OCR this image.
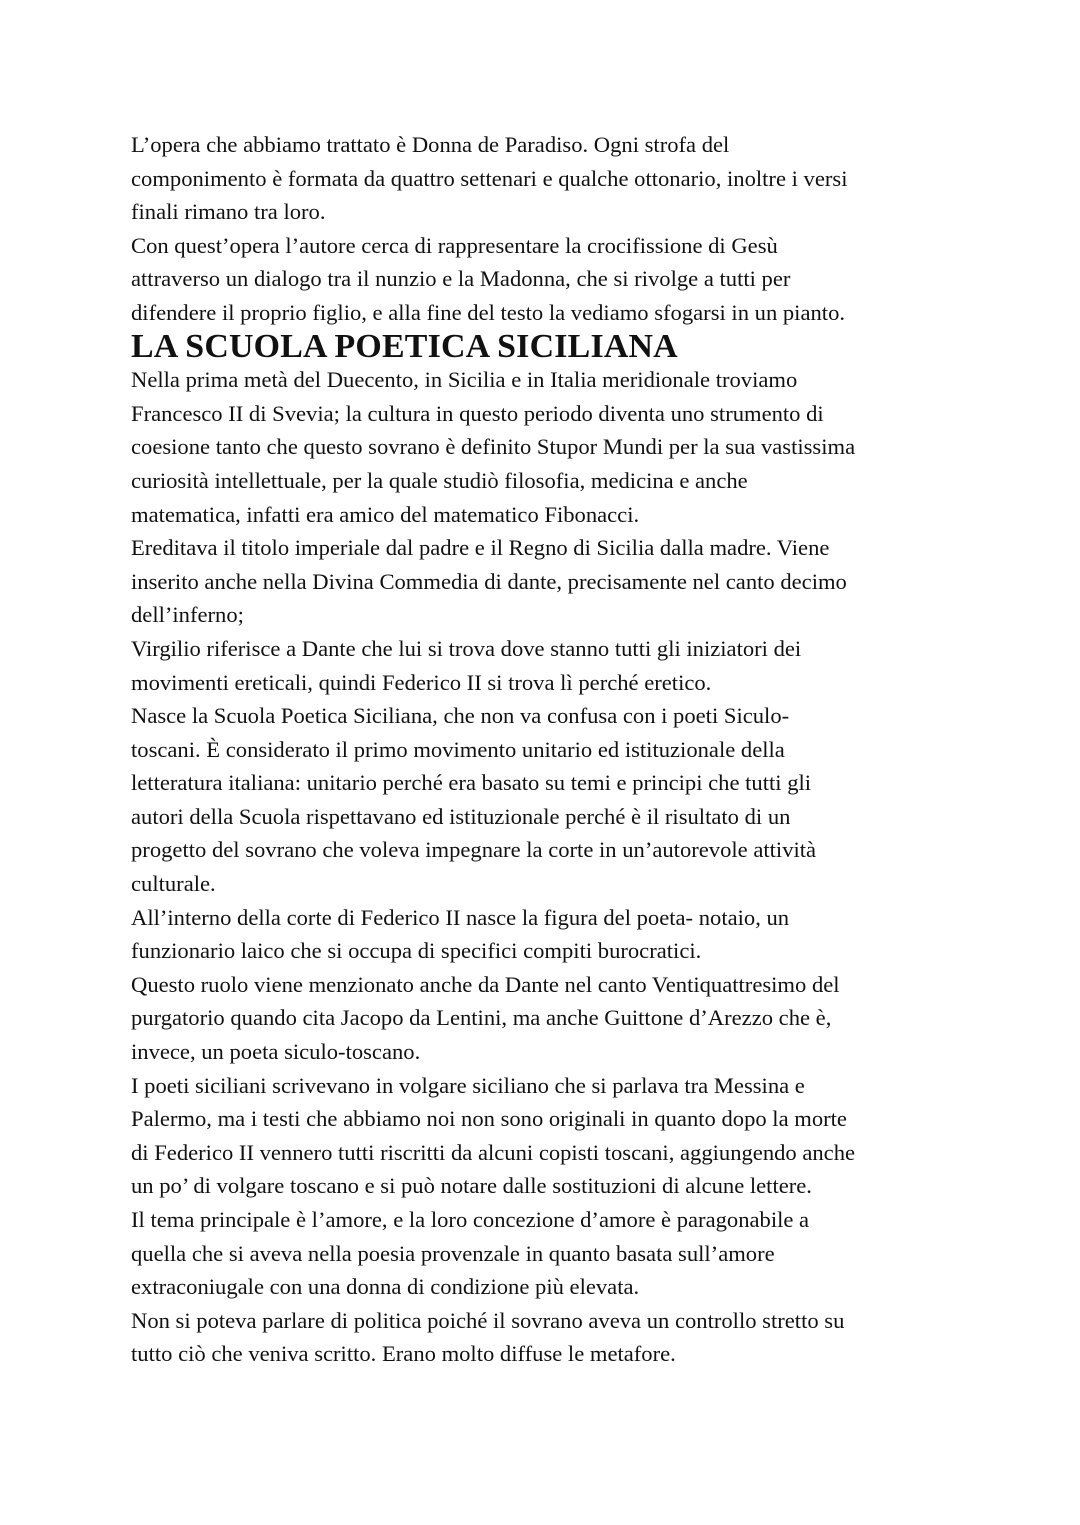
L’opera che abbiamo trattato è Donna de Paradiso. Ogni strofa del
componimento è formata da quattro settenari e qualche ottonario, inoltre i versi
finali rimano tra loro.

Con quest’opera l’autore cerca di rappresentare la crocifissione di Gesù
attraverso un dialogo tra il nunzio e la Madonna, che si rivolge a tutti per
difendere il proprio figlio, e alla fine del testo la vediamo sfogarsi in un pianto.

LA SCUOLA POETICA SICILIANA

Nella prima metà del Duecento, in Sicilia e in Italia meridionale troviamo
Francesco II di Svevia; la cultura in questo periodo diventa uno strumento di
coesione tanto che questo sovrano è definito Stupor Mundi per la sua vastissima
curiosità intellettuale, per la quale studiò filosofia, medicina e anche
matematica, infatti era amico del matematico Fibonacci.

Ereditava il titolo imperiale dal padre e il Regno di Sicilia dalla madre. Viene
inserito anche nella Divina Commedia di dante, precisamente nel canto decimo
dell’inferno;

Virgilio riferisce a Dante che lui si trova dove stanno tutti gli iniziatori dei
movimenti ereticali, quindi Federico II si trova lì perché eretico.

Nasce la Scuola Poetica Siciliana, che non va confusa con i poeti Siculo-
toscani. È considerato il primo movimento unitario ed istituzionale della
letteratura italiana: unitario perché era basato su temi e principi che tutti gli
autori della Scuola rispettavano ed istituzionale perché è il risultato di un
progetto del sovrano che voleva impegnare la corte in un’autorevole attività
culturale.

All’interno della corte di Federico II nasce la figura del poeta- notaio, un
funzionario laico che si occupa di specifici compiti burocratici.

Questo ruolo viene menzionato anche da Dante nel canto Ventiquattresimo del
purgatorio quando cita Jacopo da Lentini, ma anche Guittone d’Arezzo che è,
invece, un poeta siculo-toscano.

I poeti siciliani scrivevano in volgare siciliano che si parlava tra Messina e
Palermo, ma i testi che abbiamo noi non sono originali in quanto dopo la morte
di Federico II vennero tutti riscritti da alcuni copisti toscani, aggiungendo anche
un po’ di volgare toscano e si può notare dalle sostituzioni di alcune lettere.

Il tema principale è l’amore, e la loro concezione d’amore è paragonabile a
quella che si aveva nella poesia provenzale in quanto basata sull’amore
extraconiugale con una donna di condizione più elevata.

Non si poteva parlare di politica poiché il sovrano aveva un controllo stretto su
tutto ciò che veniva scritto. Erano molto diffuse le metafore.
